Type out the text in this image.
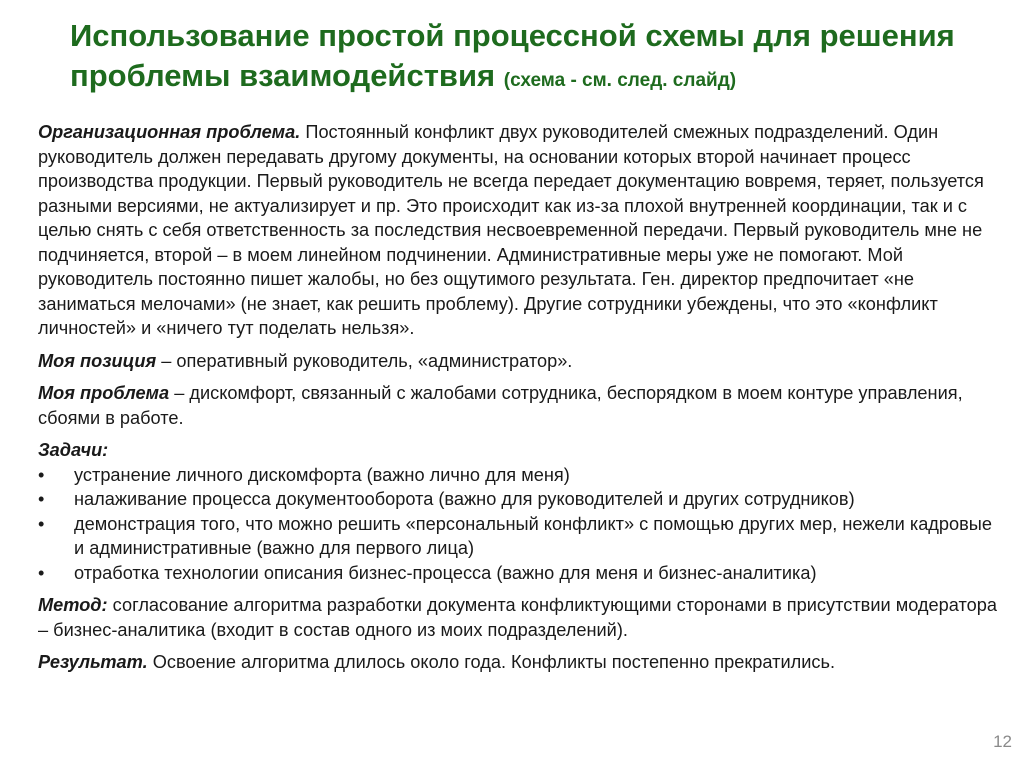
Использование простой процессной схемы для решения проблемы взаимодействия (схема - см. след. слайд)

Организационная проблема. Постоянный конфликт двух руководителей смежных подразделений. Один руководитель должен передавать другому документы, на основании которых второй начинает процесс производства продукции. Первый руководитель не всегда передает документацию вовремя, теряет, пользуется разными версиями, не актуализирует и пр. Это происходит как из-за плохой внутренней координации, так и с целью снять с себя ответственность за последствия несвоевременной передачи. Первый руководитель мне не подчиняется, второй – в моем линейном подчинении. Административные меры уже не помогают. Мой руководитель постоянно пишет жалобы, но без ощутимого результата. Ген. директор предпочитает «не заниматься мелочами» (не знает, как решить проблему). Другие сотрудники убеждены, что это «конфликт личностей» и «ничего тут поделать нельзя».

Моя позиция – оперативный руководитель, «администратор».

Моя проблема – дискомфорт, связанный с жалобами сотрудника, беспорядком в моем контуре управления, сбоями в работе.

Задачи:
• устранение личного дискомфорта (важно лично для меня)
• налаживание процесса документооборота (важно для руководителей и других сотрудников)
• демонстрация того, что можно решить «персональный конфликт» с помощью других мер, нежели кадровые и административные (важно для первого лица)
• отработка технологии описания бизнес-процесса (важно для меня и бизнес-аналитика)

Метод: согласование алгоритма разработки документа конфликтующими сторонами в присутствии модератора – бизнес-аналитика (входит в состав одного из моих подразделений).

Результат. Освоение алгоритма длилось около года. Конфликты постепенно прекратились.

12
